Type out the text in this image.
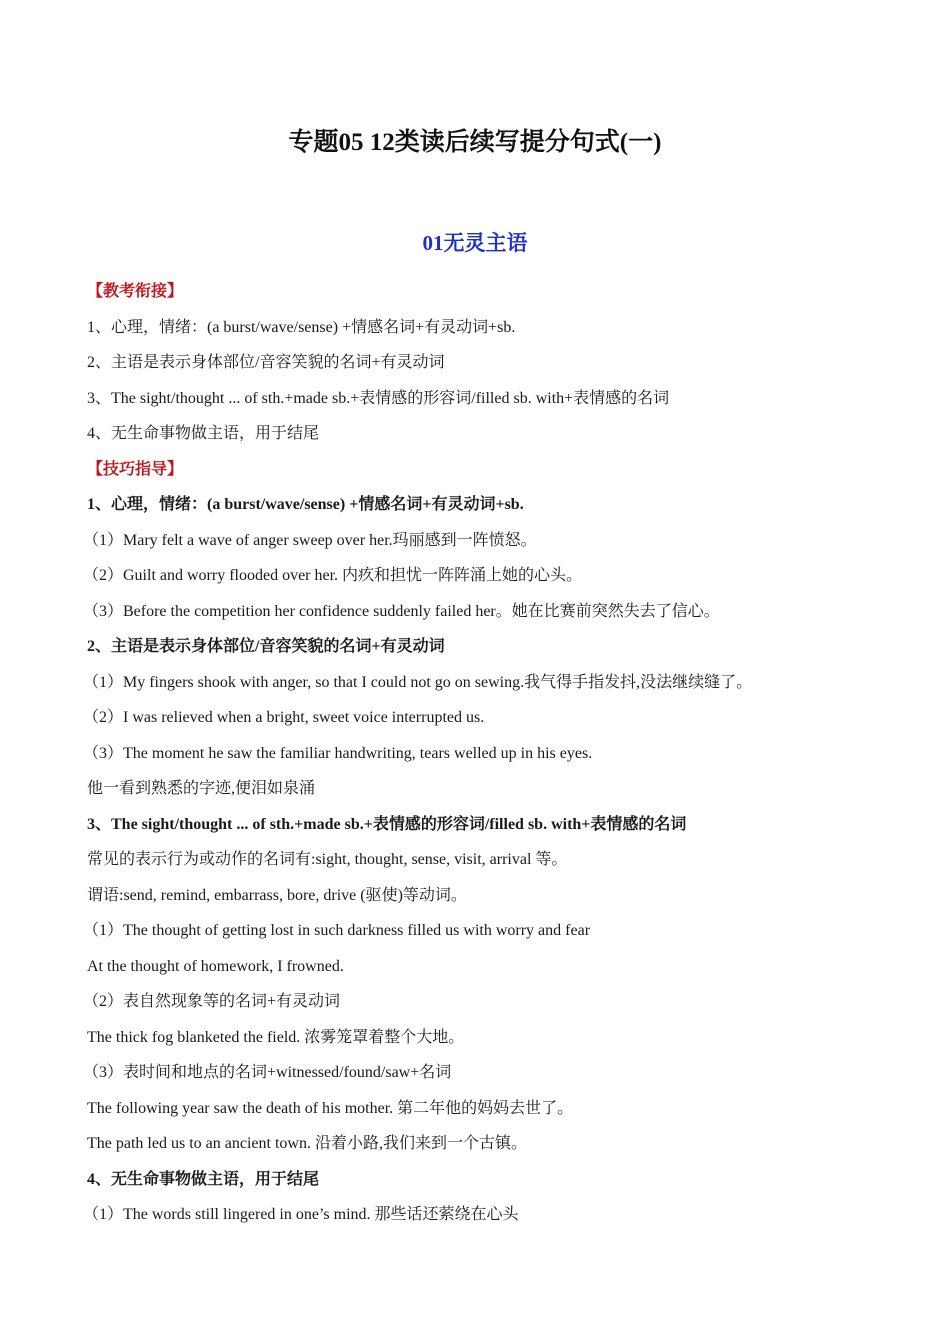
专题05 12类读后续写提分句式(一)
01无灵主语
【教考衔接】
1、心理，情绪：(a burst/wave/sense) +情感名词+有灵动词+sb.
2、主语是表示身体部位/音容笑貌的名词+有灵动词
3、The sight/thought ... of sth.+made sb.+表情感的形容词/filled sb. with+表情感的名词
4、无生命事物做主语，用于结尾
【技巧指导】
1、心理，情绪：(a burst/wave/sense) +情感名词+有灵动词+sb.
（1）Mary felt a wave of anger sweep over her.玛丽感到一阵愤怒。
（2）Guilt and worry flooded over her. 内疚和担忧一阵阵涌上她的心头。
（3）Before the competition her confidence suddenly failed her。她在比赛前突然失去了信心。
2、主语是表示身体部位/音容笑貌的名词+有灵动词
（1）My fingers shook with anger, so that I could not go on sewing.我气得手指发抖,没法继续缝了。
（2）I was relieved when a bright, sweet voice interrupted us.
（3）The moment he saw the familiar handwriting, tears welled up in his eyes.
他一看到熟悉的字迹,便泪如泉涌
3、The sight/thought ... of sth.+made sb.+表情感的形容词/filled sb. with+表情感的名词
常见的表示行为或动作的名词有:sight, thought, sense, visit, arrival 等。
谓语:send, remind, embarrass, bore, drive (驱使)等动词。
（1）The thought of getting lost in such darkness filled us with worry and fear
At the thought of homework, I frowned.
（2）表自然现象等的名词+有灵动词
The thick fog blanketed the field. 浓雾笼罩着整个大地。
（3）表时间和地点的名词+witnessed/found/saw+名词
The following year saw the death of his mother. 第二年他的妈妈去世了。
The path led us to an ancient town. 沿着小路,我们来到一个古镇。
4、无生命事物做主语，用于结尾
（1）The words still lingered in one’s mind. 那些话还萦绕在心头
